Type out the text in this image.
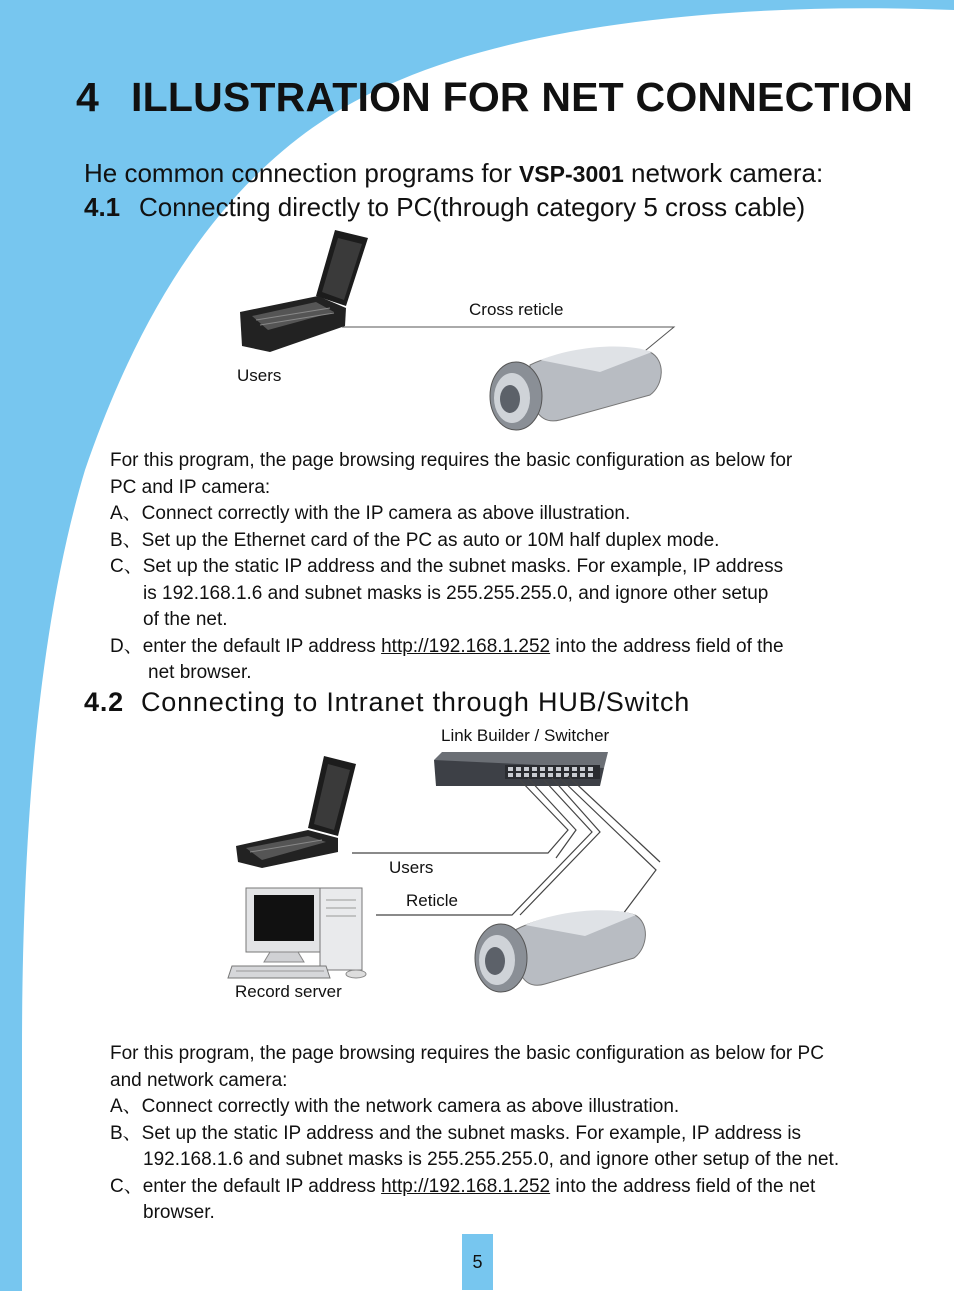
4 ILLUSTRATION FOR NET CONNECTION
He common connection programs for VSP-3001 network camera:
4.1 Connecting directly to PC(through category 5 cross cable)
Cross reticle
Users

For this program, the page browsing requires the basic configuration as below for

PC and IP camera:

A、Connect correctly with the IP camera as above illustration.

B、Set up the Ethernet card of the PC as auto or 10M half duplex mode.

C、Set up the static IP address and the subnet masks. For example, IP address

is 192.168.1.6 and subnet masks is 255.255.255.0, and ignore other setup

of the net.

D、enter the default IP address http://192.168.1.252 into the address field of the

net browser.

4.2 Connecting to Intranet through HUB/Switch
Link Builder / Switcher
Users
Reticle
Record server

For this program, the page browsing requires the basic configuration as below for PC

and network camera:

A、Connect correctly with the network camera as above illustration.

B、Set up the static IP address and the subnet masks. For example, IP address is

192.168.1.6 and subnet masks is 255.255.255.0, and ignore other setup of the net.

C、enter the default IP address http://192.168.1.252 into the address field of the net

browser.

5
